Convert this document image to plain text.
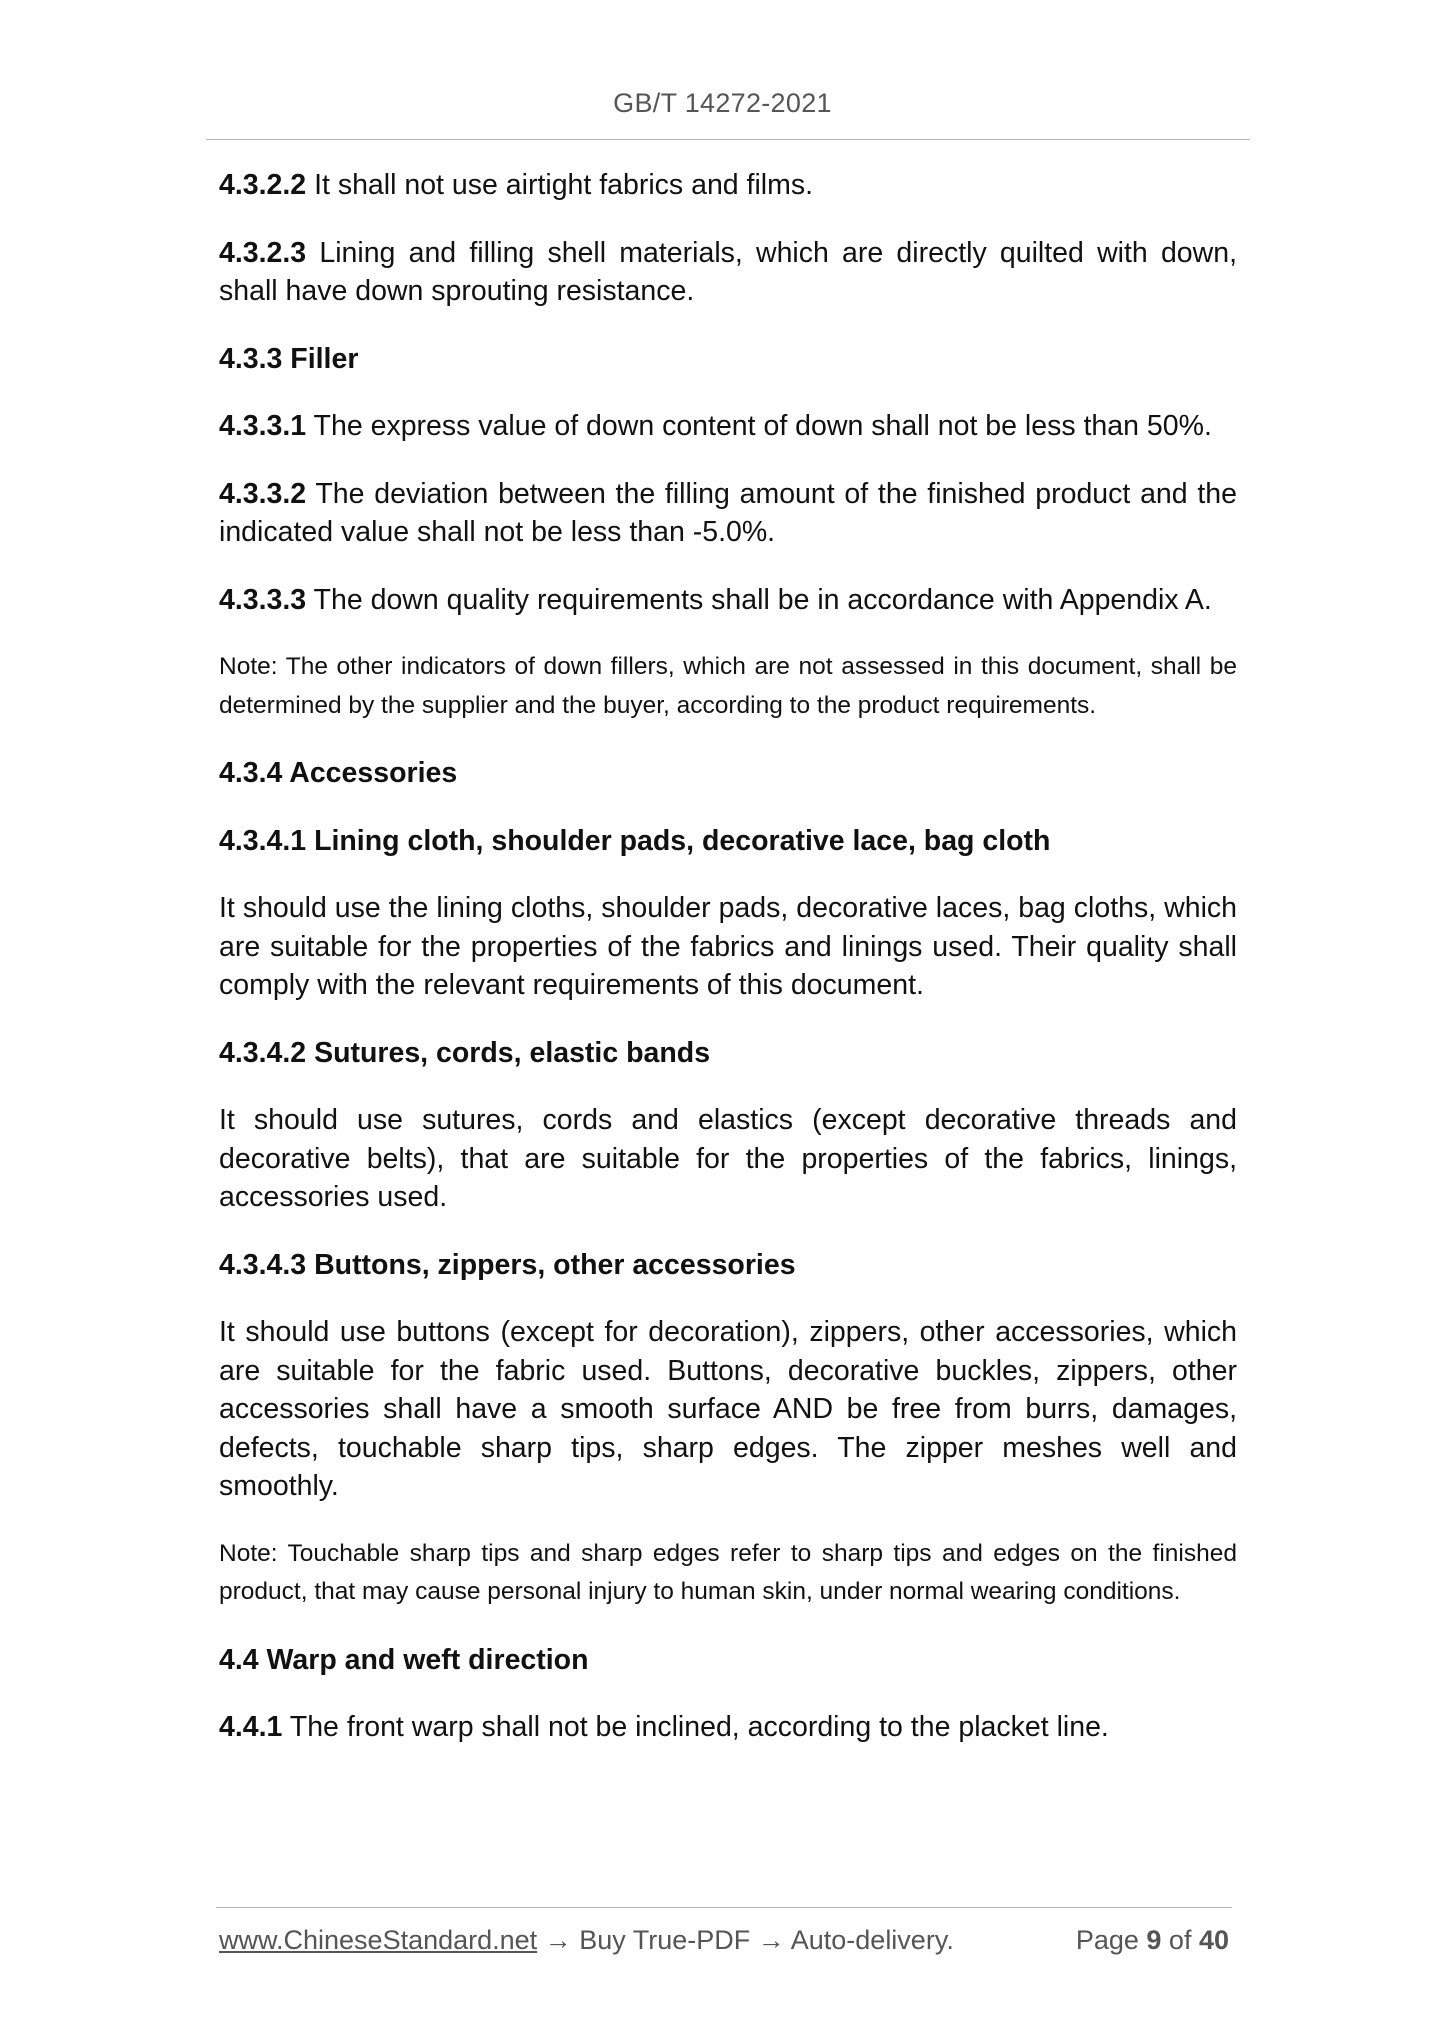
GB/T 14272-2021
4.3.2.2 It shall not use airtight fabrics and films.
4.3.2.3 Lining and filling shell materials, which are directly quilted with down, shall have down sprouting resistance.
4.3.3 Filler
4.3.3.1 The express value of down content of down shall not be less than 50%.
4.3.3.2 The deviation between the filling amount of the finished product and the indicated value shall not be less than -5.0%.
4.3.3.3 The down quality requirements shall be in accordance with Appendix A.
Note: The other indicators of down fillers, which are not assessed in this document, shall be determined by the supplier and the buyer, according to the product requirements.
4.3.4 Accessories
4.3.4.1 Lining cloth, shoulder pads, decorative lace, bag cloth
It should use the lining cloths, shoulder pads, decorative laces, bag cloths, which are suitable for the properties of the fabrics and linings used. Their quality shall comply with the relevant requirements of this document.
4.3.4.2 Sutures, cords, elastic bands
It should use sutures, cords and elastics (except decorative threads and decorative belts), that are suitable for the properties of the fabrics, linings, accessories used.
4.3.4.3 Buttons, zippers, other accessories
It should use buttons (except for decoration), zippers, other accessories, which are suitable for the fabric used. Buttons, decorative buckles, zippers, other accessories shall have a smooth surface AND be free from burrs, damages, defects, touchable sharp tips, sharp edges. The zipper meshes well and smoothly.
Note: Touchable sharp tips and sharp edges refer to sharp tips and edges on the finished product, that may cause personal injury to human skin, under normal wearing conditions.
4.4 Warp and weft direction
4.4.1 The front warp shall not be inclined, according to the placket line.
www.ChineseStandard.net → Buy True-PDF → Auto-delivery.	Page 9 of 40
